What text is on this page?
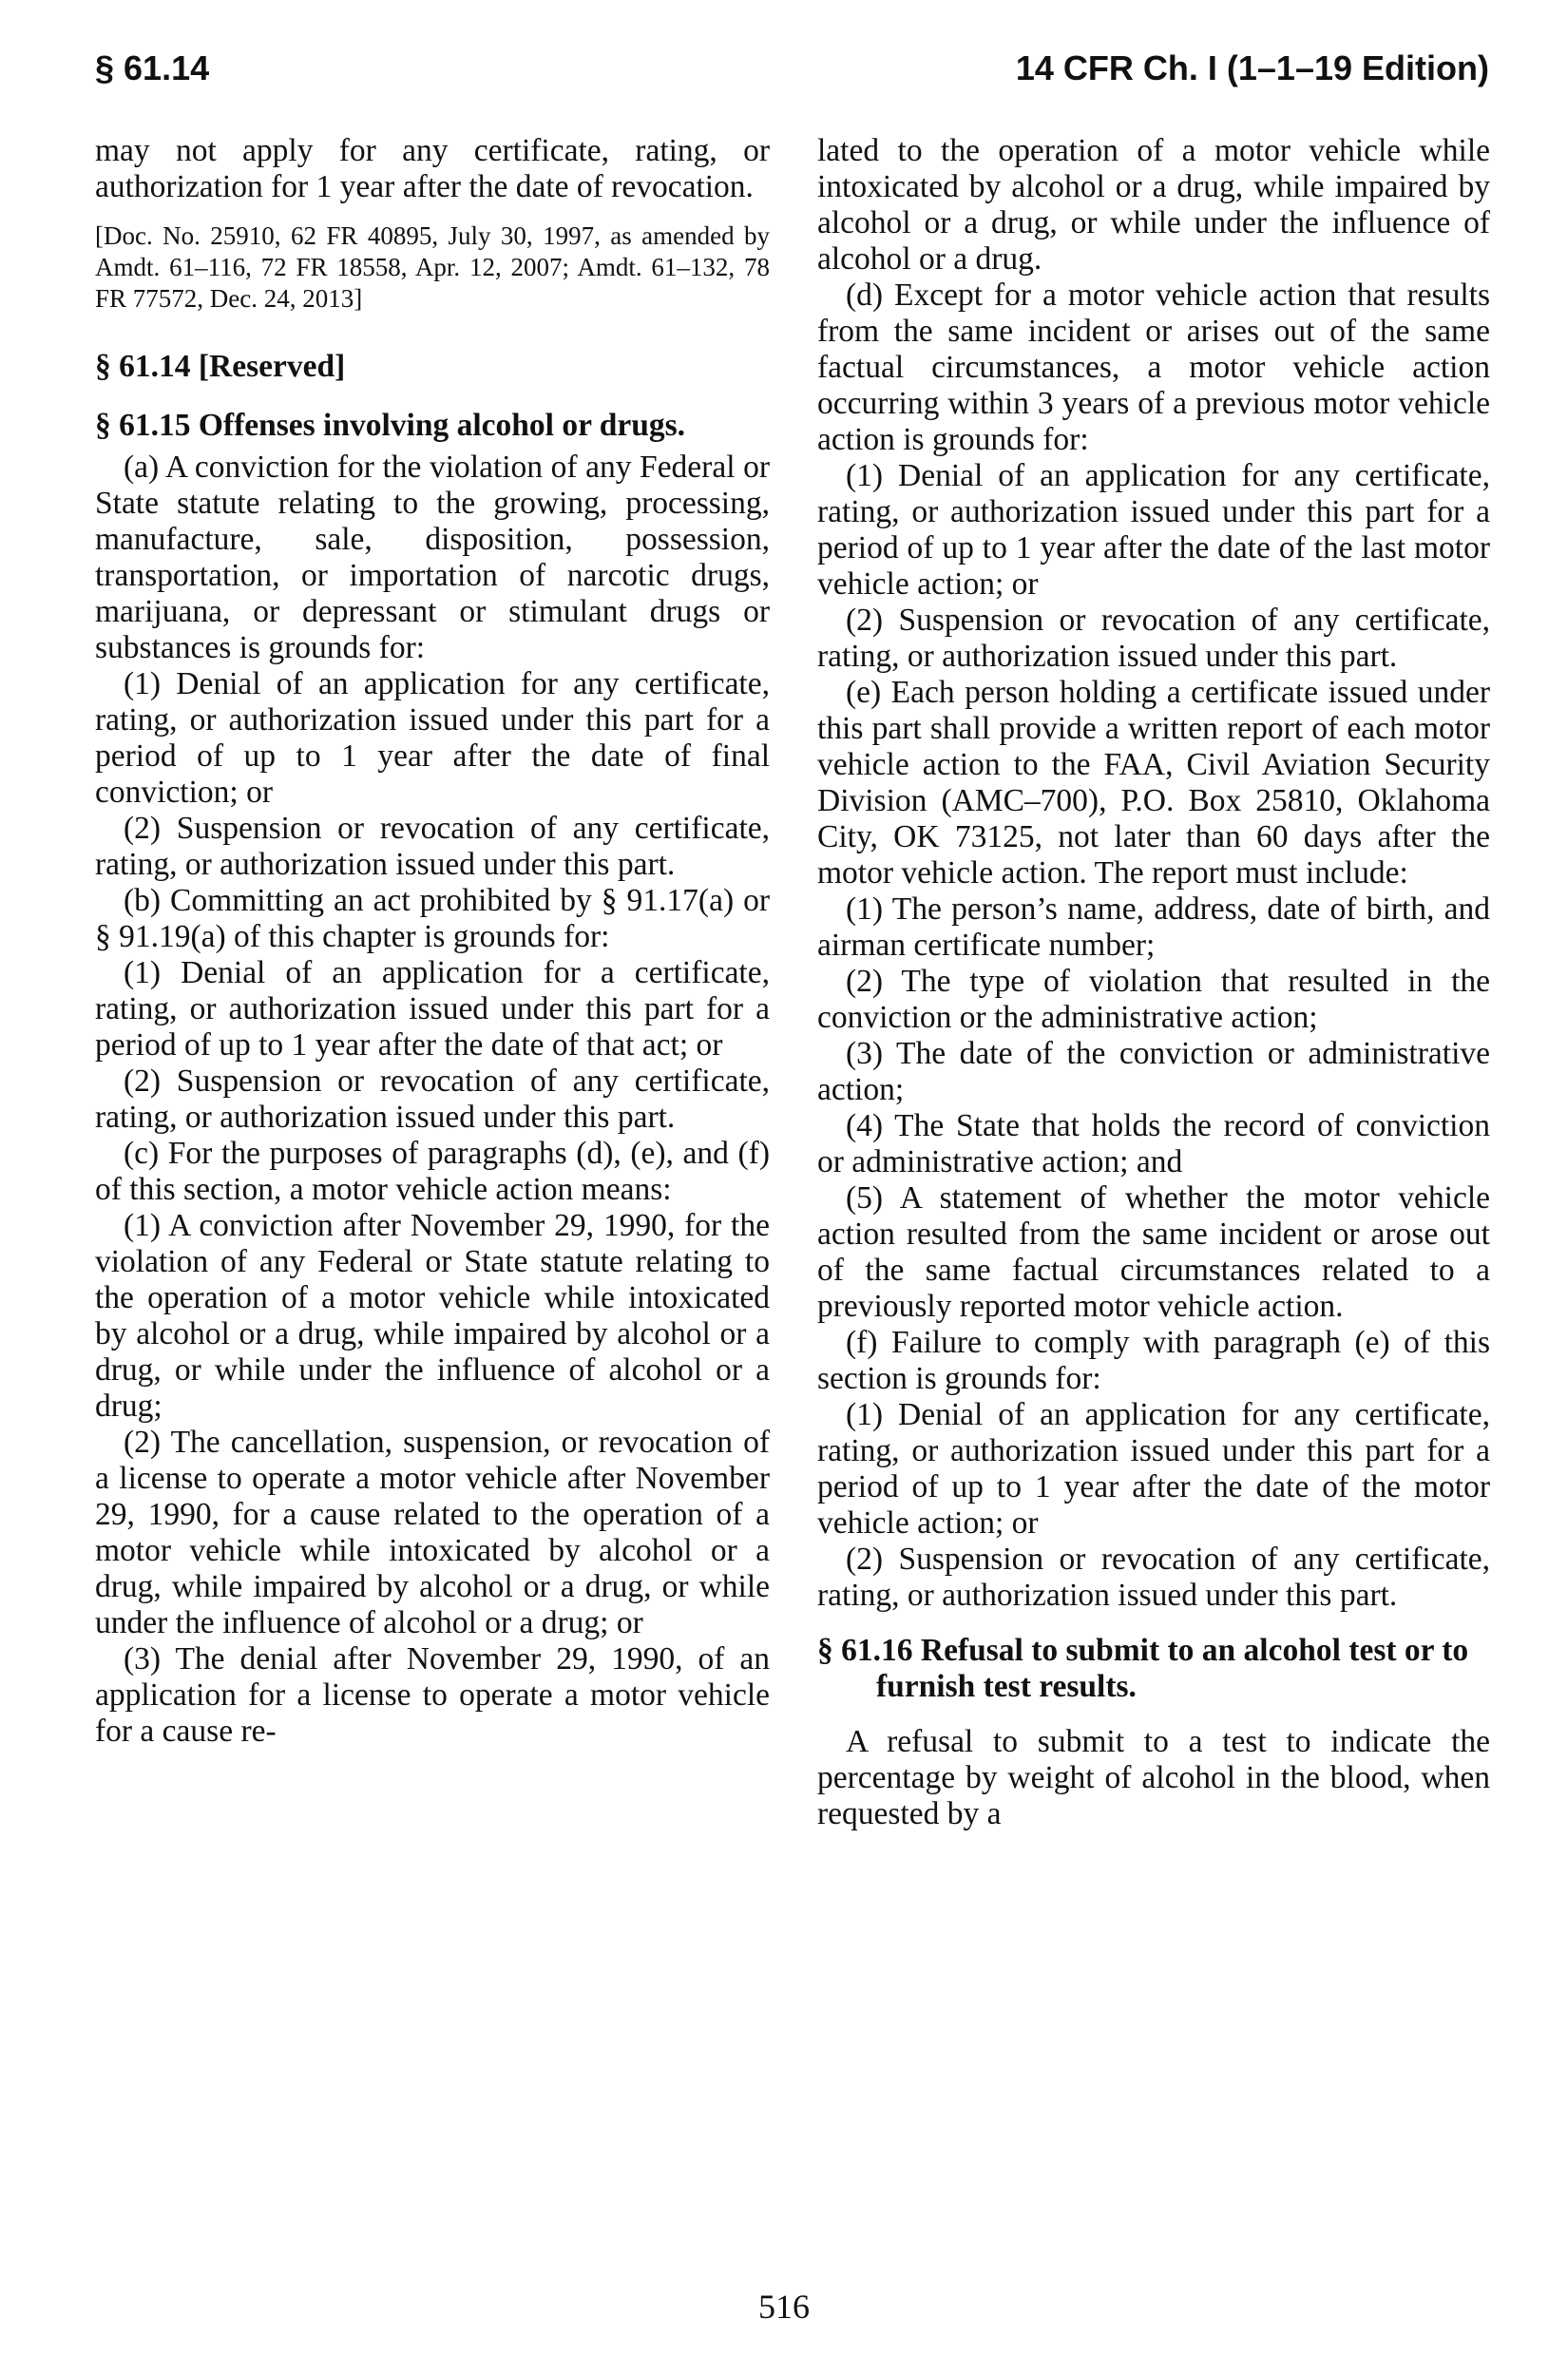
§ 61.14	14 CFR Ch. I (1–1–19 Edition)

may not apply for any certificate, rating, or authorization for 1 year after the date of revocation.

[Doc. No. 25910, 62 FR 40895, July 30, 1997, as amended by Amdt. 61–116, 72 FR 18558, Apr. 12, 2007; Amdt. 61–132, 78 FR 77572, Dec. 24, 2013]

§ 61.14 [Reserved]

§ 61.15 Offenses involving alcohol or drugs.

(a) A conviction for the violation of any Federal or State statute relating to the growing, processing, manufacture, sale, disposition, possession, transportation, or importation of narcotic drugs, marijuana, or depressant or stimulant drugs or substances is grounds for:

(1) Denial of an application for any certificate, rating, or authorization issued under this part for a period of up to 1 year after the date of final conviction; or

(2) Suspension or revocation of any certificate, rating, or authorization issued under this part.

(b) Committing an act prohibited by § 91.17(a) or § 91.19(a) of this chapter is grounds for:

(1) Denial of an application for a certificate, rating, or authorization issued under this part for a period of up to 1 year after the date of that act; or

(2) Suspension or revocation of any certificate, rating, or authorization issued under this part.

(c) For the purposes of paragraphs (d), (e), and (f) of this section, a motor vehicle action means:

(1) A conviction after November 29, 1990, for the violation of any Federal or State statute relating to the operation of a motor vehicle while intoxicated by alcohol or a drug, while impaired by alcohol or a drug, or while under the influence of alcohol or a drug;

(2) The cancellation, suspension, or revocation of a license to operate a motor vehicle after November 29, 1990, for a cause related to the operation of a motor vehicle while intoxicated by alcohol or a drug, while impaired by alcohol or a drug, or while under the influence of alcohol or a drug; or

(3) The denial after November 29, 1990, of an application for a license to operate a motor vehicle for a cause re-

lated to the operation of a motor vehicle while intoxicated by alcohol or a drug, while impaired by alcohol or a drug, or while under the influence of alcohol or a drug.

(d) Except for a motor vehicle action that results from the same incident or arises out of the same factual circumstances, a motor vehicle action occurring within 3 years of a previous motor vehicle action is grounds for:

(1) Denial of an application for any certificate, rating, or authorization issued under this part for a period of up to 1 year after the date of the last motor vehicle action; or

(2) Suspension or revocation of any certificate, rating, or authorization issued under this part.

(e) Each person holding a certificate issued under this part shall provide a written report of each motor vehicle action to the FAA, Civil Aviation Security Division (AMC–700), P.O. Box 25810, Oklahoma City, OK 73125, not later than 60 days after the motor vehicle action. The report must include:

(1) The person’s name, address, date of birth, and airman certificate number;

(2) The type of violation that resulted in the conviction or the administrative action;

(3) The date of the conviction or administrative action;

(4) The State that holds the record of conviction or administrative action; and

(5) A statement of whether the motor vehicle action resulted from the same incident or arose out of the same factual circumstances related to a previously reported motor vehicle action.

(f) Failure to comply with paragraph (e) of this section is grounds for:

(1) Denial of an application for any certificate, rating, or authorization issued under this part for a period of up to 1 year after the date of the motor vehicle action; or

(2) Suspension or revocation of any certificate, rating, or authorization issued under this part.

§ 61.16 Refusal to submit to an alcohol test or to furnish test results.

A refusal to submit to a test to indicate the percentage by weight of alcohol in the blood, when requested by a

516
